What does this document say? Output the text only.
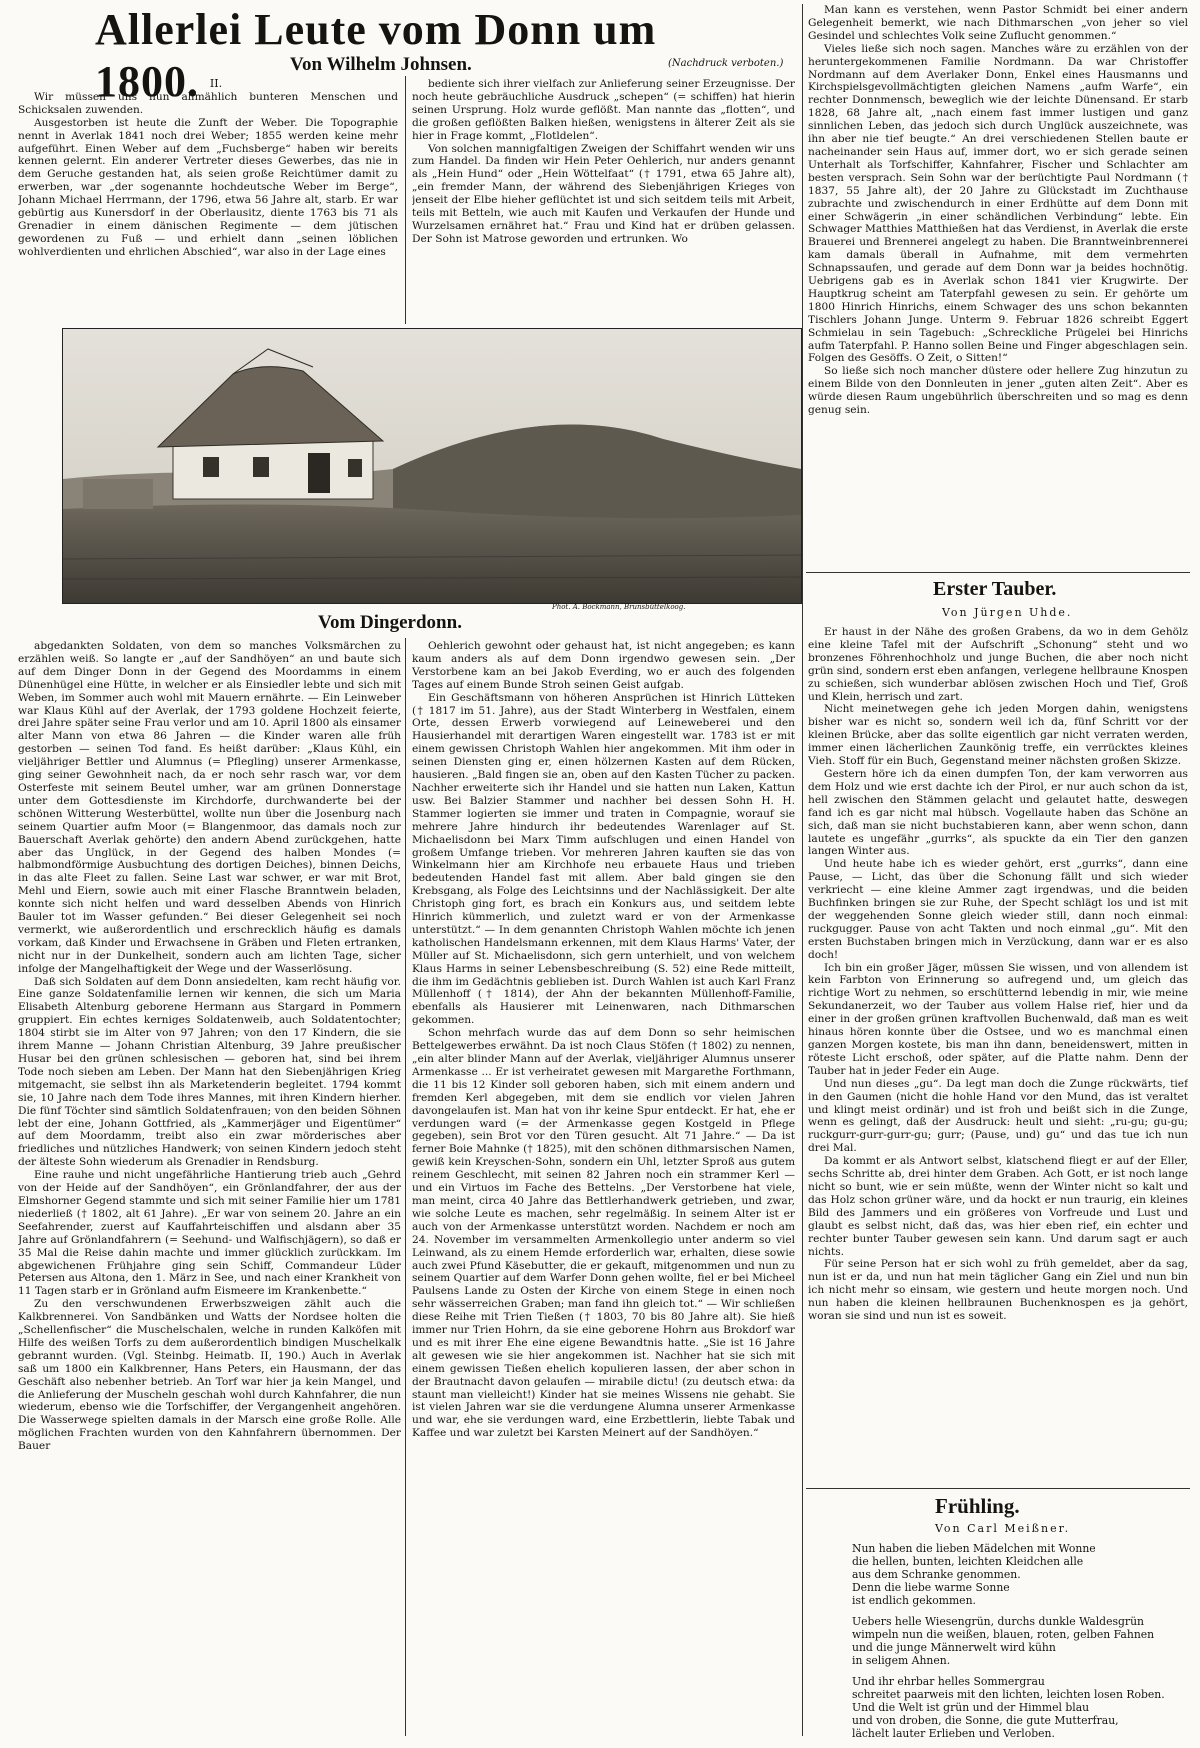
Allerlei Leute vom Donn um 1800.	Von Wilhelm Johnsen.	(Nachdruck verboten.)

II.

Wir müssen uns nun allmählich bunteren Menschen und Schicksalen zuwenden.

Ausgestorben ist heute die Zunft der Weber. Die Topographie nennt in Averlak 1841 noch drei Weber; 1855 werden keine mehr aufgeführt. Einen Weber auf dem „Fuchsberge“ haben wir bereits kennen gelernt. Ein anderer Vertreter dieses Gewerbes, das nie in dem Geruche gestanden hat, als seien große Reichtümer damit zu erwerben, war „der sogenannte hochdeutsche Weber im Berge“, Johann Michael Herrmann, der 1796, etwa 56 Jahre alt, starb. Er war gebürtig aus Kunersdorf in der Oberlausitz, diente 1763 bis 71 als Grenadier in einem dänischen Regimente — dem jütischen gewordenen zu Fuß — und erhielt dann „seinen löblichen wohlverdienten und ehrlichen Abschied“, war also in der Lage eines

bediente sich ihrer vielfach zur Anlieferung seiner Erzeugnisse. Der noch heute gebräuchliche Ausdruck „schepen“ (= schiffen) hat hierin seinen Ursprung. Holz wurde geflößt. Man nannte das „flotten“, und die großen geflößten Balken hießen, wenigstens in älterer Zeit als sie hier in Frage kommt, „Flotldelen“.

Von solchen mannigfaltigen Zweigen der Schiffahrt wenden wir uns zum Handel. Da finden wir Hein Peter Oehlerich, nur anders genannt als „Hein Hund“ oder „Hein Wöttelfaat“ († 1791, etwa 65 Jahre alt), „ein fremder Mann, der während des Siebenjährigen Krieges von jenseit der Elbe hieher geflüchtet ist und sich seitdem teils mit Arbeit, teils mit Betteln, wie auch mit Kaufen und Verkaufen der Hunde und Wurzelsamen ernähret hat.“ Frau und Kind hat er drüben gelassen. Der Sohn ist Matrose geworden und ertrunken. Wo

Phot. A. Bockmann, Brunsbüttelkoog.
Vom Dingerdonn.

abgedankten Soldaten, von dem so manches Volksmärchen zu erzählen weiß. So langte er „auf der Sandhöyen“ an und baute sich auf dem Dinger Donn in der Gegend des Moordamms in einem Dünenhügel eine Hütte, in welcher er als Einsiedler lebte und sich mit Weben, im Sommer auch wohl mit Mauern ernährte. — Ein Leinweber war Klaus Kühl auf der Averlak, der 1793 goldene Hochzeit feierte, drei Jahre später seine Frau verlor und am 10. April 1800 als einsamer alter Mann von etwa 86 Jahren — die Kinder waren alle früh gestorben — seinen Tod fand. Es heißt darüber: „Klaus Kühl, ein vieljähriger Bettler und Alumnus (= Pflegling) unserer Armenkasse, ging seiner Gewohnheit nach, da er noch sehr rasch war, vor dem Osterfeste mit seinem Beutel umher, war am grünen Donnerstage unter dem Gottesdienste im Kirchdorfe, durchwanderte bei der schönen Witterung Westerbüttel, wollte nun über die Josenburg nach seinem Quartier aufm Moor (= Blangenmoor, das damals noch zur Bauerschaft Averlak gehörte) den andern Abend zurückgehen, hatte aber das Unglück, in der Gegend des halben Mondes (= halbmondförmige Ausbuchtung des dortigen Deiches), binnen Deichs, in das alte Fleet zu fallen. Seine Last war schwer, er war mit Brot, Mehl und Eiern, sowie auch mit einer Flasche Branntwein beladen, konnte sich nicht helfen und ward desselben Abends von Hinrich Bauler tot im Wasser gefunden.“ Bei dieser Gelegenheit sei noch vermerkt, wie außerordentlich und erschrecklich häufig es damals vorkam, daß Kinder und Erwachsene in Gräben und Fleten ertranken, nicht nur in der Dunkelheit, sondern auch am lichten Tage, sicher infolge der Mangelhaftigkeit der Wege und der Wasserlösung.

Daß sich Soldaten auf dem Donn ansiedelten, kam recht häufig vor. Eine ganze Soldatenfamilie lernen wir kennen, die sich um Maria Elisabeth Altenburg geborene Hermann aus Stargard in Pommern gruppiert. Ein echtes kerniges Soldatenweib, auch Soldatentochter; 1804 stirbt sie im Alter von 97 Jahren; von den 17 Kindern, die sie ihrem Manne — Johann Christian Altenburg, 39 Jahre preußischer Husar bei den grünen schlesischen — geboren hat, sind bei ihrem Tode noch sieben am Leben. Der Mann hat den Siebenjährigen Krieg mitgemacht, sie selbst ihn als Marketenderin begleitet. 1794 kommt sie, 10 Jahre nach dem Tode ihres Mannes, mit ihren Kindern hierher. Die fünf Töchter sind sämtlich Soldatenfrauen; von den beiden Söhnen lebt der eine, Johann Gottfried, als „Kammerjäger und Eigentümer“ auf dem Moordamm, treibt also ein zwar mörderisches aber friedliches und nützliches Handwerk; von seinen Kindern jedoch steht der älteste Sohn wiederum als Grenadier in Rendsburg.

Eine rauhe und nicht ungefährliche Hantierung trieb auch „Gehrd von der Heide auf der Sandhöyen“, ein Grönlandfahrer, der aus der Elmshorner Gegend stammte und sich mit seiner Familie hier um 1781 niederließ († 1802, alt 61 Jahre). „Er war von seinem 20. Jahre an ein Seefahrender, zuerst auf Kauffahrteischiffen und alsdann aber 35 Jahre auf Grönlandfahrern (= Seehund- und Walfischjägern), so daß er 35 Mal die Reise dahin machte und immer glücklich zurückkam. Im abgewichenen Frühjahre ging sein Schiff, Commandeur Lüder Petersen aus Altona, den 1. März in See, und nach einer Krankheit von 11 Tagen starb er in Grönland aufm Eismeere im Krankenbette.“

Zu den verschwundenen Erwerbszweigen zählt auch die Kalkbrennerei. Von Sandbänken und Watts der Nordsee holten die „Schellenfischer“ die Muschelschalen, welche in runden Kalköfen mit Hilfe des weißen Torfs zu dem außerordentlich bindigen Muschelkalk gebrannt wurden. (Vgl. Steinbg. Heimatb. II, 190.) Auch in Averlak saß um 1800 ein Kalkbrenner, Hans Peters, ein Hausmann, der das Geschäft also nebenher betrieb. An Torf war hier ja kein Mangel, und die Anlieferung der Muscheln geschah wohl durch Kahnfahrer, die nun wiederum, ebenso wie die Torfschiffer, der Vergangenheit angehören. Die Wasserwege spielten damals in der Marsch eine große Rolle. Alle möglichen Frachten wurden von den Kahnfahrern übernommen. Der Bauer

Oehlerich gewohnt oder gehaust hat, ist nicht angegeben; es kann kaum anders als auf dem Donn irgendwo gewesen sein. „Der Verstorbene kam an bei Jakob Everding, wo er auch des folgenden Tages auf einem Bunde Stroh seinen Geist aufgab.

Ein Geschäftsmann von höheren Ansprüchen ist Hinrich Lütteken († 1817 im 51. Jahre), aus der Stadt Winterberg in Westfalen, einem Orte, dessen Erwerb vorwiegend auf Leineweberei und den Hausierhandel mit derartigen Waren eingestellt war. 1783 ist er mit einem gewissen Christoph Wahlen hier angekommen. Mit ihm oder in seinen Diensten ging er, einen hölzernen Kasten auf dem Rücken, hausieren. „Bald fingen sie an, oben auf den Kasten Tücher zu packen. Nachher erweiterte sich ihr Handel und sie hatten nun Laken, Kattun usw. Bei Balzier Stammer und nachher bei dessen Sohn H. H. Stammer logierten sie immer und traten in Compagnie, worauf sie mehrere Jahre hindurch ihr bedeutendes Warenlager auf St. Michaelisdonn bei Marx Timm aufschlugen und einen Handel von großem Umfange trieben. Vor mehreren Jahren kauften sie das von Winkelmann hier am Kirchhofe neu erbauete Haus und trieben bedeutenden Handel fast mit allem. Aber bald gingen sie den Krebsgang, als Folge des Leichtsinns und der Nachlässigkeit. Der alte Christoph ging fort, es brach ein Konkurs aus, und seitdem lebte Hinrich kümmerlich, und zuletzt ward er von der Armenkasse unterstützt.“ — In dem genannten Christoph Wahlen möchte ich jenen katholischen Handelsmann erkennen, mit dem Klaus Harms' Vater, der Müller auf St. Michaelisdonn, sich gern unterhielt, und von welchem Klaus Harms in seiner Lebensbeschreibung (S. 52) eine Rede mitteilt, die ihm im Gedächtnis geblieben ist. Durch Wahlen ist auch Karl Franz Müllenhoff († 1814), der Ahn der bekannten Müllenhoff-Familie, ebenfalls als Hausierer mit Leinenwaren, nach Dithmarschen gekommen.

Schon mehrfach wurde das auf dem Donn so sehr heimischen Bettelgewerbes erwähnt. Da ist noch Claus Stöfen († 1802) zu nennen, „ein alter blinder Mann auf der Averlak, vieljähriger Alumnus unserer Armenkasse ... Er ist verheiratet gewesen mit Margarethe Forthmann, die 11 bis 12 Kinder soll geboren haben, sich mit einem andern und fremden Kerl abgegeben, mit dem sie endlich vor vielen Jahren davongelaufen ist. Man hat von ihr keine Spur entdeckt. Er hat, ehe er verdungen ward (= der Armenkasse gegen Kostgeld in Pflege gegeben), sein Brot vor den Türen gesucht. Alt 71 Jahre.“ — Da ist ferner Boie Mahnke († 1825), mit den schönen dithmarsischen Namen, gewiß kein Kreyschen-Sohn, sondern ein Uhl, letzter Sproß aus gutem reinem Geschlecht, mit seinen 82 Jahren noch ein strammer Kerl — und ein Virtuos im Fache des Bettelns. „Der Verstorbene hat viele, man meint, circa 40 Jahre das Bettlerhandwerk getrieben, und zwar, wie solche Leute es machen, sehr regelmäßig. In seinem Alter ist er auch von der Armenkasse unterstützt worden. Nachdem er noch am 24. November im versammelten Armenkollegio unter anderm so viel Leinwand, als zu einem Hemde erforderlich war, erhalten, diese sowie auch zwei Pfund Käsebutter, die er gekauft, mitgenommen und nun zu seinem Quartier auf dem Warfer Donn gehen wollte, fiel er bei Micheel Paulsens Lande zu Osten der Kirche von einem Stege in einen noch sehr wässerreichen Graben; man fand ihn gleich tot.“ — Wir schließen diese Reihe mit Trien Tießen († 1803, 70 bis 80 Jahre alt). Sie hieß immer nur Trien Hohrn, da sie eine geborene Hohrn aus Brokdorf war und es mit ihrer Ehe eine eigene Bewandtnis hatte. „Sie ist 16 Jahre alt gewesen wie sie hier angekommen ist. Nachher hat sie sich mit einem gewissen Tießen ehelich kopulieren lassen, der aber schon in der Brautnacht davon gelaufen — mirabile dictu! (zu deutsch etwa: da staunt man vielleicht!) Kinder hat sie meines Wissens nie gehabt. Sie ist vielen Jahren war sie die verdungene Alumna unserer Armenkasse und war, ehe sie verdungen ward, eine Erzbettlerin, liebte Tabak und Kaffee und war zuletzt bei Karsten Meinert auf der Sandhöyen.“

Man kann es verstehen, wenn Pastor Schmidt bei einer andern Gelegenheit bemerkt, wie nach Dithmarschen „von jeher so viel Gesindel und schlechtes Volk seine Zuflucht genommen.“

Vieles ließe sich noch sagen. Manches wäre zu erzählen von der heruntergekommenen Familie Nordmann. Da war Christoffer Nordmann auf dem Averlaker Donn, Enkel eines Hausmanns und Kirchspielsgevollmächtigten gleichen Namens „aufm Warfe“, ein rechter Donnmensch, beweglich wie der leichte Dünensand. Er starb 1828, 68 Jahre alt, „nach einem fast immer lustigen und ganz sinnlichen Leben, das jedoch sich durch Unglück auszeichnete, was ihn aber nie tief beugte.“ An drei verschiedenen Stellen baute er nacheinander sein Haus auf, immer dort, wo er sich gerade seinen Unterhalt als Torfschiffer, Kahnfahrer, Fischer und Schlachter am besten versprach. Sein Sohn war der berüchtigte Paul Nordmann († 1837, 55 Jahre alt), der 20 Jahre zu Glückstadt im Zuchthause zubrachte und zwischendurch in einer Erdhütte auf dem Donn mit einer Schwägerin „in einer schändlichen Verbindung“ lebte. Ein Schwager Matthies Matthießen hat das Verdienst, in Averlak die erste Brauerei und Brennerei angelegt zu haben. Die Branntweinbrennerei kam damals überall in Aufnahme, mit dem vermehrten Schnapssaufen, und gerade auf dem Donn war ja beides hochnötig. Uebrigens gab es in Averlak schon 1841 vier Krugwirte. Der Hauptkrug scheint am Taterpfahl gewesen zu sein. Er gehörte um 1800 Hinrich Hinrichs, einem Schwager des uns schon bekannten Tischlers Johann Junge. Unterm 9. Februar 1826 schreibt Eggert Schmielau in sein Tagebuch: „Schreckliche Prügelei bei Hinrichs aufm Taterpfahl. P. Hanno sollen Beine und Finger abgeschlagen sein. Folgen des Gesöffs. O Zeit, o Sitten!“

So ließe sich noch mancher düstere oder hellere Zug hinzutun zu einem Bilde von den Donnleuten in jener „guten alten Zeit“. Aber es würde diesen Raum ungebührlich überschreiten und so mag es denn genug sein.

Erster Tauber.
Von Jürgen Uhde.

Er haust in der Nähe des großen Grabens, da wo in dem Gehölz eine kleine Tafel mit der Aufschrift „Schonung“ steht und wo bronzenes Föhrenhochholz und junge Buchen, die aber noch nicht grün sind, sondern erst eben anfangen, verlegene hellbraune Knospen zu schießen, sich wunderbar ablösen zwischen Hoch und Tief, Groß und Klein, herrisch und zart.

Nicht meinetwegen gehe ich jeden Morgen dahin, wenigstens bisher war es nicht so, sondern weil ich da, fünf Schritt vor der kleinen Brücke, aber das sollte eigentlich gar nicht verraten werden, immer einen lächerlichen Zaunkönig treffe, ein verrücktes kleines Vieh. Stoff für ein Buch, Gegenstand meiner nächsten großen Skizze.

Gestern höre ich da einen dumpfen Ton, der kam verworren aus dem Holz und wie erst dachte ich der Pirol, er nur auch schon da ist, hell zwischen den Stämmen gelacht und gelautet hatte, deswegen fand ich es gar nicht mal hübsch. Vogellaute haben das Schöne an sich, daß man sie nicht buchstabieren kann, aber wenn schon, dann lautete es ungefähr „gurrks“, als spuckte da ein Tier den ganzen langen Winter aus.

Und heute habe ich es wieder gehört, erst „gurrks“, dann eine Pause, — Licht, das über die Schonung fällt und sich wieder verkriecht — eine kleine Ammer zagt irgendwas, und die beiden Buchfinken bringen sie zur Ruhe, der Specht schlägt los und ist mit der weggehenden Sonne gleich wieder still, dann noch einmal: ruckgugger. Pause von acht Takten und noch einmal „gu“. Mit den ersten Buchstaben bringen mich in Verzückung, dann war er es also doch!

Ich bin ein großer Jäger, müssen Sie wissen, und von allendem ist kein Farbton von Erinnerung so aufregend und, um gleich das richtige Wort zu nehmen, so erschütternd lebendig in mir, wie meine Sekundanerzeit, wo der Tauber aus vollem Halse rief, hier und da einer in der großen grünen kraftvollen Buchenwald, daß man es weit hinaus hören konnte über die Ostsee, und wo es manchmal einen ganzen Morgen kostete, bis man ihn dann, beneidenswert, mitten in röteste Licht erschoß, oder später, auf die Platte nahm. Denn der Tauber hat in jeder Feder ein Auge.

Und nun dieses „gu“. Da legt man doch die Zunge rückwärts, tief in den Gaumen (nicht die hohle Hand vor den Mund, das ist veraltet und klingt meist ordinär) und ist froh und beißt sich in die Zunge, wenn es gelingt, daß der Ausdruck: heult und sieht: „ru-gu; gu-gu; ruckgurr-gurr-gurr-gu; gurr; (Pause, und) gu“ und das tue ich nun drei Mal.

Da kommt er als Antwort selbst, klatschend fliegt er auf der Eller, sechs Schritte ab, drei hinter dem Graben. Ach Gott, er ist noch lange nicht so bunt, wie er sein müßte, wenn der Winter nicht so kalt und das Holz schon grüner wäre, und da hockt er nun traurig, ein kleines Bild des Jammers und ein größeres von Vorfreude und Lust und glaubt es selbst nicht, daß das, was hier eben rief, ein echter und rechter bunter Tauber gewesen sein kann. Und darum sagt er auch nichts.

Für seine Person hat er sich wohl zu früh gemeldet, aber da sag, nun ist er da, und nun hat mein täglicher Gang ein Ziel und nun bin ich nicht mehr so einsam, wie gestern und heute morgen noch. Und nun haben die kleinen hellbraunen Buchenknospen es ja gehört, woran sie sind und nun ist es soweit.

Frühling.
Von Carl Meißner.

Nun haben die lieben Mädelchen mit Wonne

die hellen, bunten, leichten Kleidchen alle

aus dem Schranke genommen.

Denn die liebe warme Sonne

ist endlich gekommen.

Uebers helle Wiesengrün, durchs dunkle Waldesgrün

wimpeln nun die weißen, blauen, roten, gelben Fahnen

und die junge Männerwelt wird kühn

in seligem Ahnen.

Und ihr ehrbar helles Sommergrau

schreitet paarweis mit den lichten, leichten losen Roben.

Und die Welt ist grün und der Himmel blau

und von droben, die Sonne, die gute Mutterfrau,

lächelt lauter Erlieben und Verloben.
